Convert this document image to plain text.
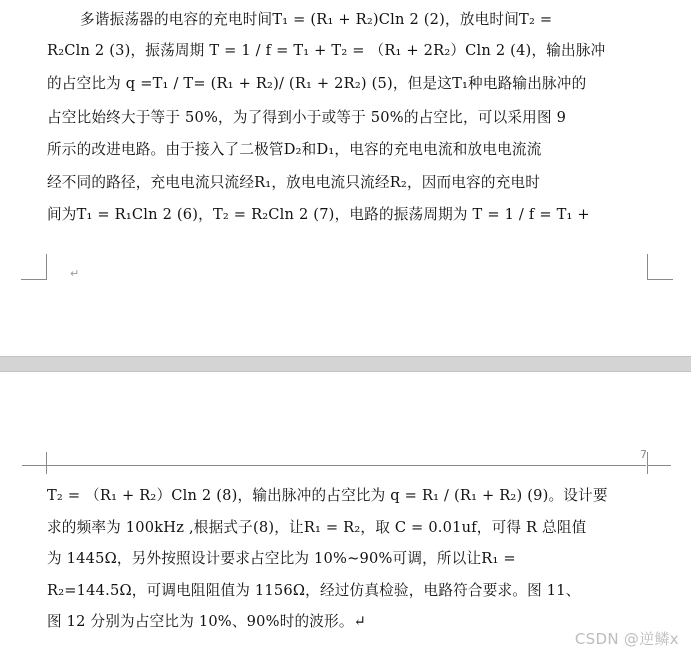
多谐振荡器的电容的充电时间T₁ = (R₁ + R₂)Cln 2 (2)，放电时间T₂ =
R₂Cln 2 (3)，振荡周期 T = 1 / f = T₁ + T₂ = （R₁ + 2R₂）Cln 2 (4)，输出脉冲
的占空比为 q =T₁ / T= (R₁ + R₂)/ (R₁ + 2R₂) (5)，但是这T₁种电路输出脉冲的
占空比始终大于等于 50%，为了得到小于或等于 50%的占空比，可以采用图 9
所示的改进电路。由于接入了二极管D₂和D₁，电容的充电电流和放电电流流
经不同的路径，充电电流只流经R₁，放电电流只流经R₂，因而电容的充电时
间为T₁ = R₁Cln 2 (6)，T₂ = R₂Cln 2 (7)，电路的振荡周期为 T = 1 / f = T₁ +
↵
7
T₂ = （R₁ + R₂）Cln 2 (8)，输出脉冲的占空比为 q = R₁ / (R₁ + R₂) (9)。设计要
求的频率为 100kHz ,根据式子(8)，让R₁ = R₂，取 C = 0.01uf，可得 R 总阻值
为 1445Ω，另外按照设计要求占空比为 10%~90%可调，所以让R₁ =
R₂=144.5Ω，可调电阻阻值为 1156Ω，经过仿真检验，电路符合要求。图 11、
图 12 分别为占空比为 10%、90%时的波形。↵
CSDN @逆鳞x
